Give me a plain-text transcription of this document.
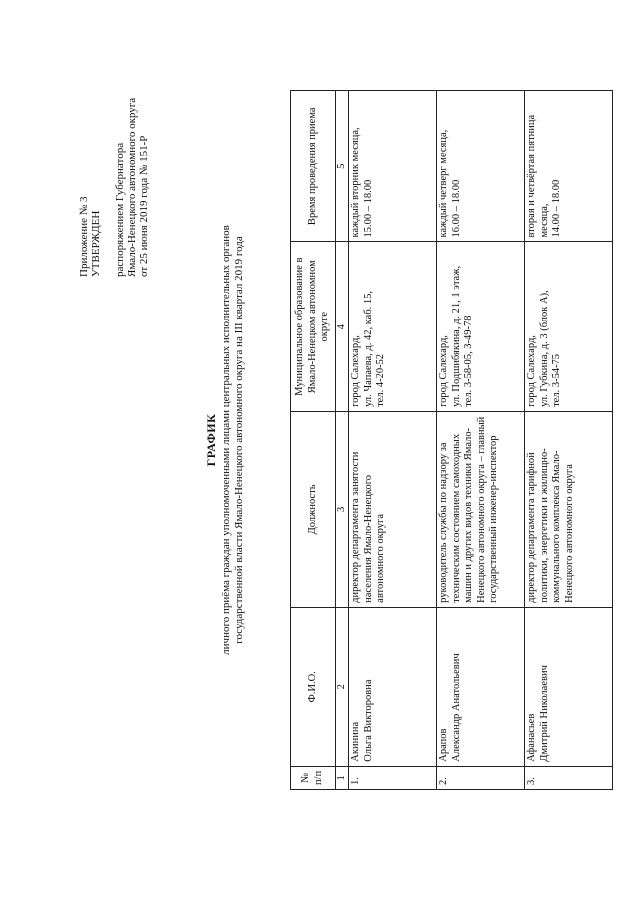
Приложение № 3 УТВЕРЖДЕН распоряжением Губернатора Ямало-Ненецкого автономного округа от 25 июня 2019 года № 151-Р
ГРАФИК личного приёма граждан уполномоченными лицами центральных исполнительных органов государственной власти Ямало-Ненецкого автономного округа на III квартал 2019 года
№ п/п	Ф.И.О.	Должность	Муниципальное образование в Ямало-Ненецком автономном округе	Время проведения приема
1	2	3	4	5
1.	Акинина Ольга Викторовна	директор департамента занятости населения Ямало-Ненецкого автономного округа	город Салехард, ул. Чапаева, д. 42, каб. 15, тел. 4-20-52	каждый вторник месяца, 15.00 – 18.00

2.	Арапов Александр Анатольевич	руководитель службы по надзору за техническим состоянием самоходных машин и других видов техники Ямало-Ненецкого автономного округа – главный государственный инженер-инспектор	город Салехард, ул. Подшибякина, д. 21, 1 этаж, тел. 3-58-05, 3-49-78	каждый четверг месяца, 16.00 – 18.00

3.	Афанасьев Дмитрий Николаевич	директор департамента тарифной политики, энергетики и жилищно-коммунального комплекса Ямало-Ненецкого автономного округа	город Салехард, ул. Губкина, д. 3 (блок А), тел. 3-54-75	вторая и четвёртая пятница месяца, 14.00 – 18.00
